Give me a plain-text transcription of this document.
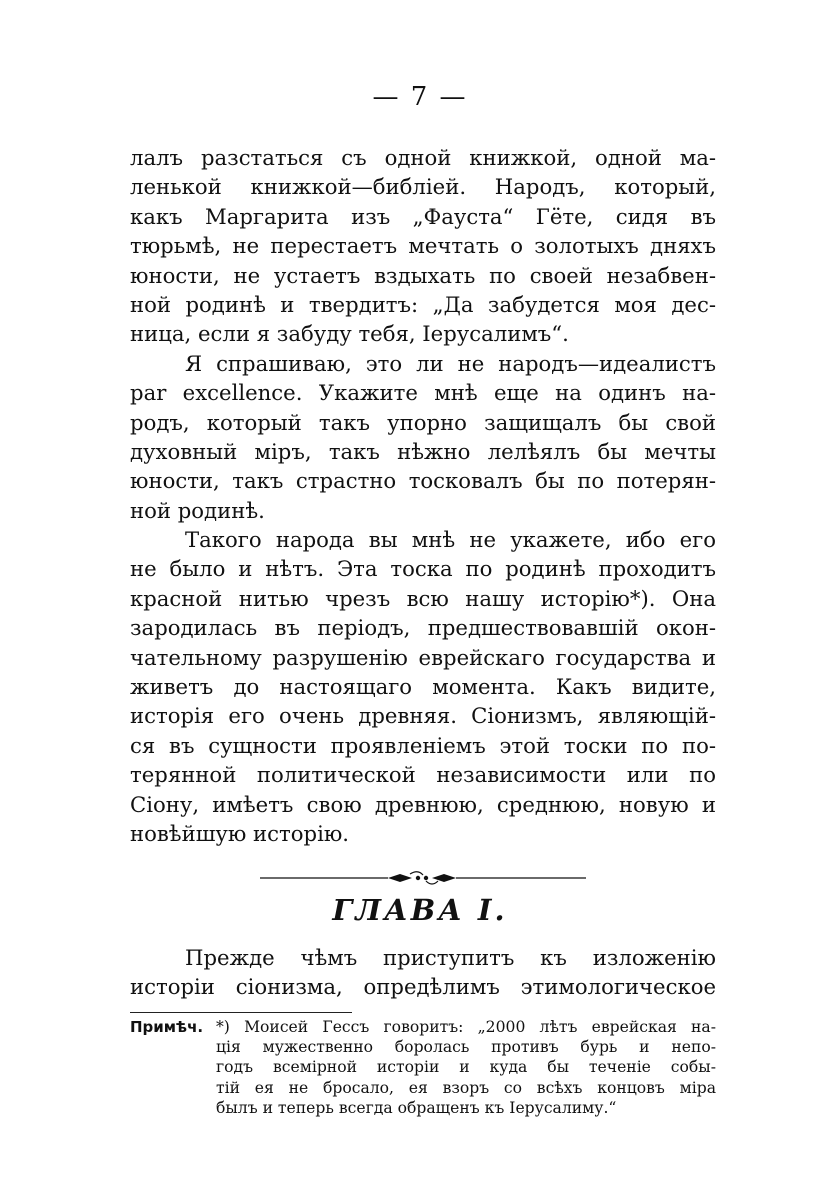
— 7 —
лалъ разстаться съ одной книжкой, одной ма-
ленькой книжкой—библіей. Народъ, который,
какъ Маргарита изъ „Фауста“ Гёте, сидя въ
тюрьмѣ, не перестаетъ мечтать о золотыхъ дняхъ
юности, не устаетъ вздыхать по своей незабвен-
ной родинѣ и твердитъ: „Да забудется моя дес-
ница, если я забуду тебя, Іерусалимъ“.
Я спрашиваю, это ли не народъ—идеалистъ
par excellence. Укажите мнѣ еще на одинъ на-
родъ, который такъ упорно защищалъ бы свой
духовный міръ, такъ нѣжно лелѣялъ бы мечты
юности, такъ страстно тосковалъ бы по потерян-
ной родинѣ.
Такого народа вы мнѣ не укажете, ибо его
не было и нѣтъ. Эта тоска по родинѣ проходитъ
красной нитью чрезъ всю нашу исторію*). Она
зародилась въ періодъ, предшествовавшій окон-
чательному разрушенію еврейскаго государства и
живетъ до настоящаго момента. Какъ видите,
исторія его очень древняя. Сіонизмъ, являющій-
ся въ сущности проявленіемъ этой тоски по по-
терянной политической независимости или по
Сіону, имѣетъ свою древнюю, среднюю, новую и
новѣйшую исторію.
ГЛАВА I.
Прежде чѣмъ приступитъ къ изложенію
исторіи сіонизма, опредѣлимъ этимологическое
Примѣч. *) Моисей Гессъ говоритъ: „2000 лѣтъ еврейская на-
ція мужественно боролась противъ бурь и непо-
годъ всемірной исторіи и куда бы теченіе собы-
тій ея не бросало, ея взоръ со всѣхъ концовъ міра
былъ и теперь всегда обращенъ къ Іерусалиму.“
